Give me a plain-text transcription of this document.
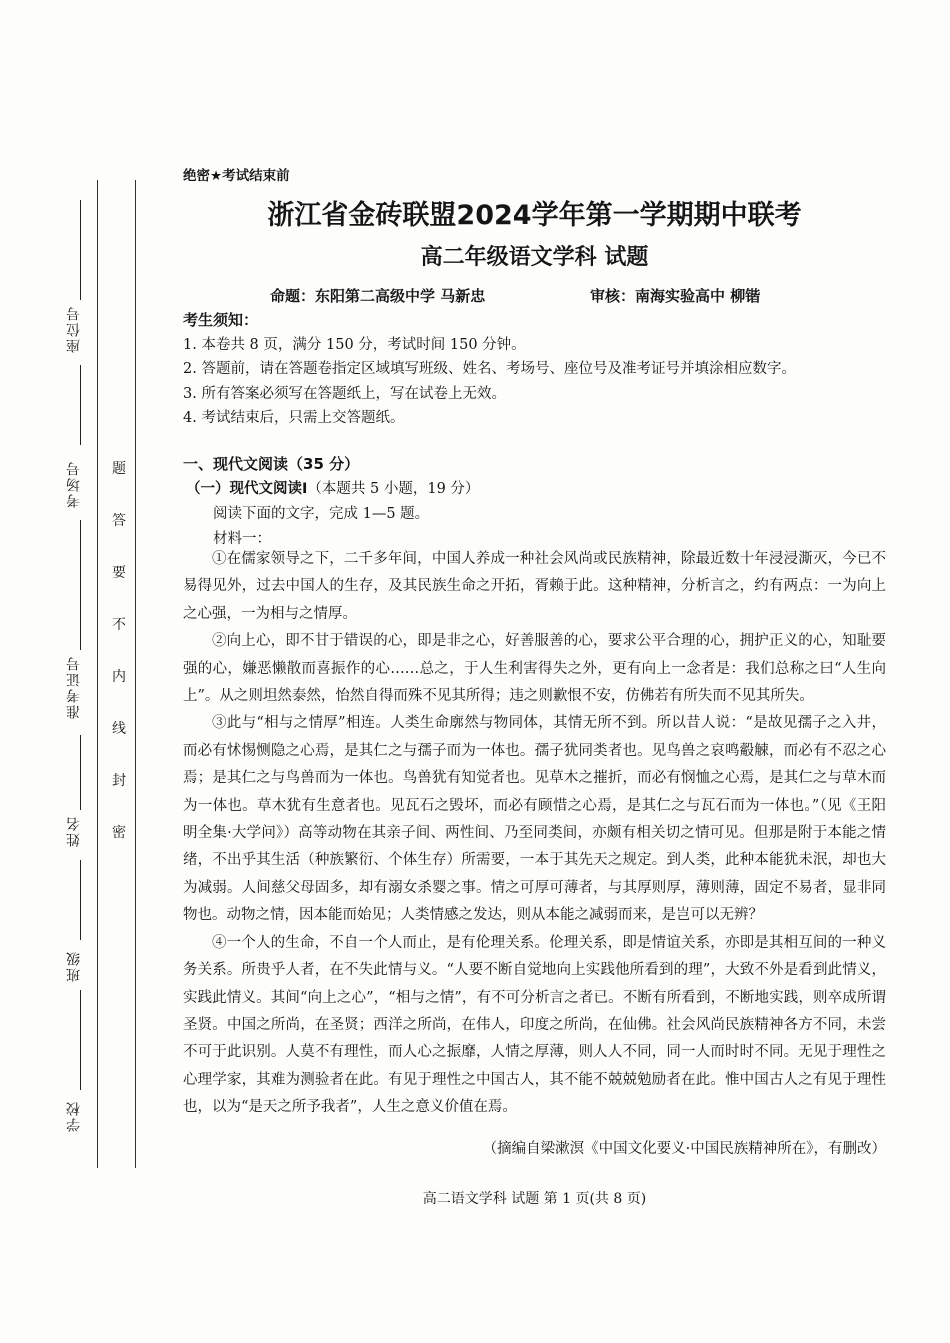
座位号
考场号
准考证号
姓名
班级
学校
密
封
线
内
不
要
答
题
绝密★考试结束前
浙江省金砖联盟2024学年第一学期期中联考
高二年级语文学科 试题
命题：东阳第二高级中学 马新忠	审核：南海实验高中 柳锴
考生须知：
1. 本卷共 8 页，满分 150 分，考试时间 150 分钟。
2. 答题前，请在答题卷指定区域填写班级、姓名、考场号、座位号及准考证号并填涂相应数字。
3. 所有答案必须写在答题纸上，写在试卷上无效。
4. 考试结束后，只需上交答题纸。
一、现代文阅读（35 分）
（一）现代文阅读I（本题共 5 小题，19 分）
阅读下面的文字，完成 1—5 题。
材料一：

①在儒家领导之下，二千多年间，中国人养成一种社会风尚或民族精神，除最近数十年浸浸澌灭，今已不易得见外，过去中国人的生存，及其民族生命之开拓，胥赖于此。这种精神，分析言之，约有两点：一为向上之心强，一为相与之情厚。

②向上心，即不甘于错误的心，即是非之心，好善服善的心，要求公平合理的心，拥护正义的心，知耻要强的心，嫌恶懒散而喜振作的心……总之，于人生利害得失之外，更有向上一念者是：我们总称之曰“人生向上”。从之则坦然泰然，怡然自得而殊不见其所得；违之则歉恨不安，仿佛若有所失而不见其所失。

③此与“相与之情厚”相连。人类生命廓然与物同体，其情无所不到。所以昔人说：“是故见孺子之入井，而必有怵惕恻隐之心焉，是其仁之与孺子而为一体也。孺子犹同类者也。见鸟兽之哀鸣觳觫，而必有不忍之心焉；是其仁之与鸟兽而为一体也。鸟兽犹有知觉者也。见草木之摧折，而必有悯恤之心焉，是其仁之与草木而为一体也。草木犹有生意者也。见瓦石之毁坏，而必有顾惜之心焉，是其仁之与瓦石而为一体也。”（见《王阳明全集·大学问》）高等动物在其亲子间、两性间、乃至同类间，亦颇有相关切之情可见。但那是附于本能之情绪，不出乎其生活（种族繁衍、个体生存）所需要，一本于其先天之规定。到人类，此种本能犹未泯，却也大为减弱。人间慈父母固多，却有溺女杀婴之事。情之可厚可薄者，与其厚则厚，薄则薄，固定不易者，显非同物也。动物之情，因本能而始见；人类情感之发达，则从本能之减弱而来，是岂可以无辨？

④一个人的生命，不自一个人而止，是有伦理关系。伦理关系，即是情谊关系，亦即是其相互间的一种义务关系。所贵乎人者，在不失此情与义。“人要不断自觉地向上实践他所看到的理”，大致不外是看到此情义，实践此情义。其间“向上之心”，“相与之情”，有不可分析言之者已。不断有所看到，不断地实践，则卒成所谓圣贤。中国之所尚，在圣贤；西洋之所尚，在伟人，印度之所尚，在仙佛。社会风尚民族精神各方不同，未尝不可于此识别。人莫不有理性，而人心之振靡，人情之厚薄，则人人不同，同一人而时时不同。无见于理性之心理学家，其难为测验者在此。有见于理性之中国古人，其不能不兢兢勉励者在此。惟中国古人之有见于理性也，以为“是天之所予我者”，人生之意义价值在焉。

（摘编自梁漱溟《中国文化要义·中国民族精神所在》，有删改）
高二语文学科 试题 第 1 页(共 8 页)
